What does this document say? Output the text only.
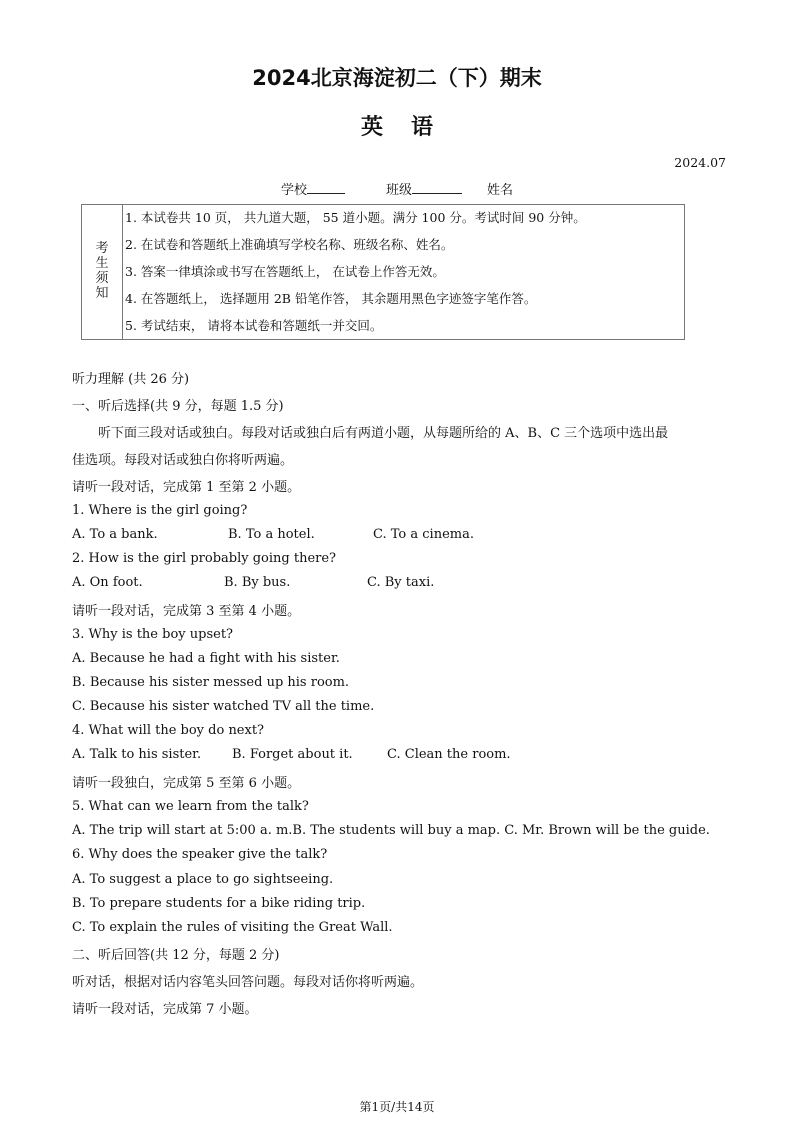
2024北京海淀初二（下）期末
英语
2024.07
学校	班级	姓名
考生须知
1. 本试卷共 10 页， 共九道大题， 55 道小题。满分 100 分。考试时间 90 分钟。
2. 在试卷和答题纸上准确填写学校名称、班级名称、姓名。
3. 答案一律填涂或书写在答题纸上， 在试卷上作答无效。
4. 在答题纸上， 选择题用 2B 铅笔作答， 其余题用黑色字迹签字笔作答。
5. 考试结束， 请将本试卷和答题纸一并交回。
听力理解 (共 26 分)
一、听后选择(共 9 分，每题 1.5 分)
听下面三段对话或独白。每段对话或独白后有两道小题，从每题所给的 A、B、C 三个选项中选出最
佳选项。每段对话或独白你将听两遍。
请听一段对话，完成第 1 至第 2 小题。
1. Where is the girl going?
A. To a bank.	B. To a hotel.	C. To a cinema.
2. How is the girl probably going there?
A. On foot.	B. By bus.	C. By taxi.
请听一段对话，完成第 3 至第 4 小题。
3. Why is the boy upset?
A. Because he had a fight with his sister.
B. Because his sister messed up his room.
C. Because his sister watched TV all the time.
4. What will the boy do next?
A. Talk to his sister. B. Forget about it.	C. Clean the room.
请听一段独白，完成第 5 至第 6 小题。
5. What can we learn from the talk?
A. The trip will start at 5:00 a. m.B. The students will buy a map. C. Mr. Brown will be the guide.
6. Why does the speaker give the talk?
A. To suggest a place to go sightseeing.
B. To prepare students for a bike riding trip.
C. To explain the rules of visiting the Great Wall.
二、听后回答(共 12 分，每题 2 分)
听对话，根据对话内容笔头回答问题。每段对话你将听两遍。
请听一段对话，完成第 7 小题。
第1页/共14页
